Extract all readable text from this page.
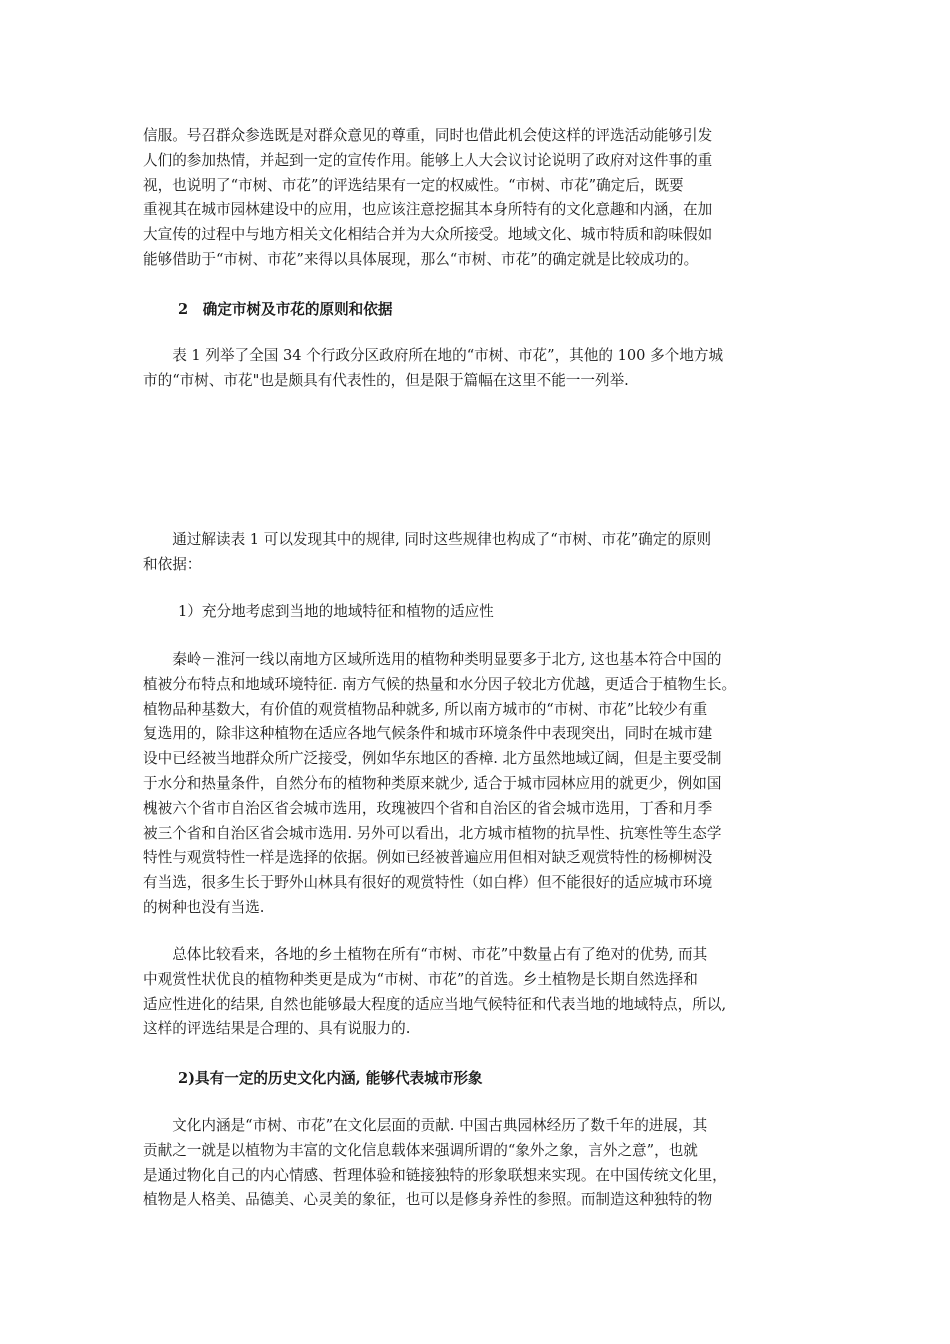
信服。号召群众参选既是对群众意见的尊重，同时也借此机会使这样的评选活动能够引发
人们的参加热情，并起到一定的宣传作用。能够上人大会议讨论说明了政府对这件事的重
视，也说明了“市树、市花”的评选结果有一定的权威性。“市树、市花”确定后，既要
重视其在城市园林建设中的应用，也应该注意挖掘其本身所特有的文化意趣和内涵，在加
大宣传的过程中与地方相关文化相结合并为大众所接受。地域文化、城市特质和韵味假如
能够借助于“市树、市花”来得以具体展现，那么“市树、市花”的确定就是比较成功的。
2　确定市树及市花的原则和依据
　　表 1 列举了全国 34 个行政分区政府所在地的“市树、市花”，其他的 100 多个地方城
市的“市树、市花"也是颇具有代表性的，但是限于篇幅在这里不能一一列举.
　　通过解读表 1 可以发现其中的规律, 同时这些规律也构成了“市树、市花”确定的原则
和依据：
1）充分地考虑到当地的地域特征和植物的适应性
　　秦岭－淮河一线以南地方区域所选用的植物种类明显要多于北方, 这也基本符合中国的
植被分布特点和地域环境特征. 南方气候的热量和水分因子较北方优越，更适合于植物生长。
植物品种基数大，有价值的观赏植物品种就多, 所以南方城市的“市树、市花”比较少有重
复选用的，除非这种植物在适应各地气候条件和城市环境条件中表现突出，同时在城市建
设中已经被当地群众所广泛接受，例如华东地区的香樟. 北方虽然地域辽阔，但是主要受制
于水分和热量条件，自然分布的植物种类原来就少, 适合于城市园林应用的就更少，例如国
槐被六个省市自治区省会城市选用，玫瑰被四个省和自治区的省会城市选用，丁香和月季
被三个省和自治区省会城市选用. 另外可以看出，北方城市植物的抗旱性、抗寒性等生态学
特性与观赏特性一样是选择的依据。例如已经被普遍应用但相对缺乏观赏特性的杨柳树没
有当选，很多生长于野外山林具有很好的观赏特性（如白桦）但不能很好的适应城市环境
的树种也没有当选.
　　总体比较看来，各地的乡土植物在所有“市树、市花”中数量占有了绝对的优势, 而其
中观赏性状优良的植物种类更是成为“市树、市花”的首选。乡土植物是长期自然选择和
适应性进化的结果, 自然也能够最大程度的适应当地气候特征和代表当地的地域特点，所以,
这样的评选结果是合理的、具有说服力的.
2)具有一定的历史文化内涵, 能够代表城市形象
　　文化内涵是“市树、市花”在文化层面的贡献. 中国古典园林经历了数千年的进展，其
贡献之一就是以植物为丰富的文化信息载体来强调所谓的“象外之象，言外之意”，也就
是通过物化自己的内心情感、哲理体验和链接独特的形象联想来实现。在中国传统文化里，
植物是人格美、品德美、心灵美的象征，也可以是修身养性的参照。而制造这种独特的物
